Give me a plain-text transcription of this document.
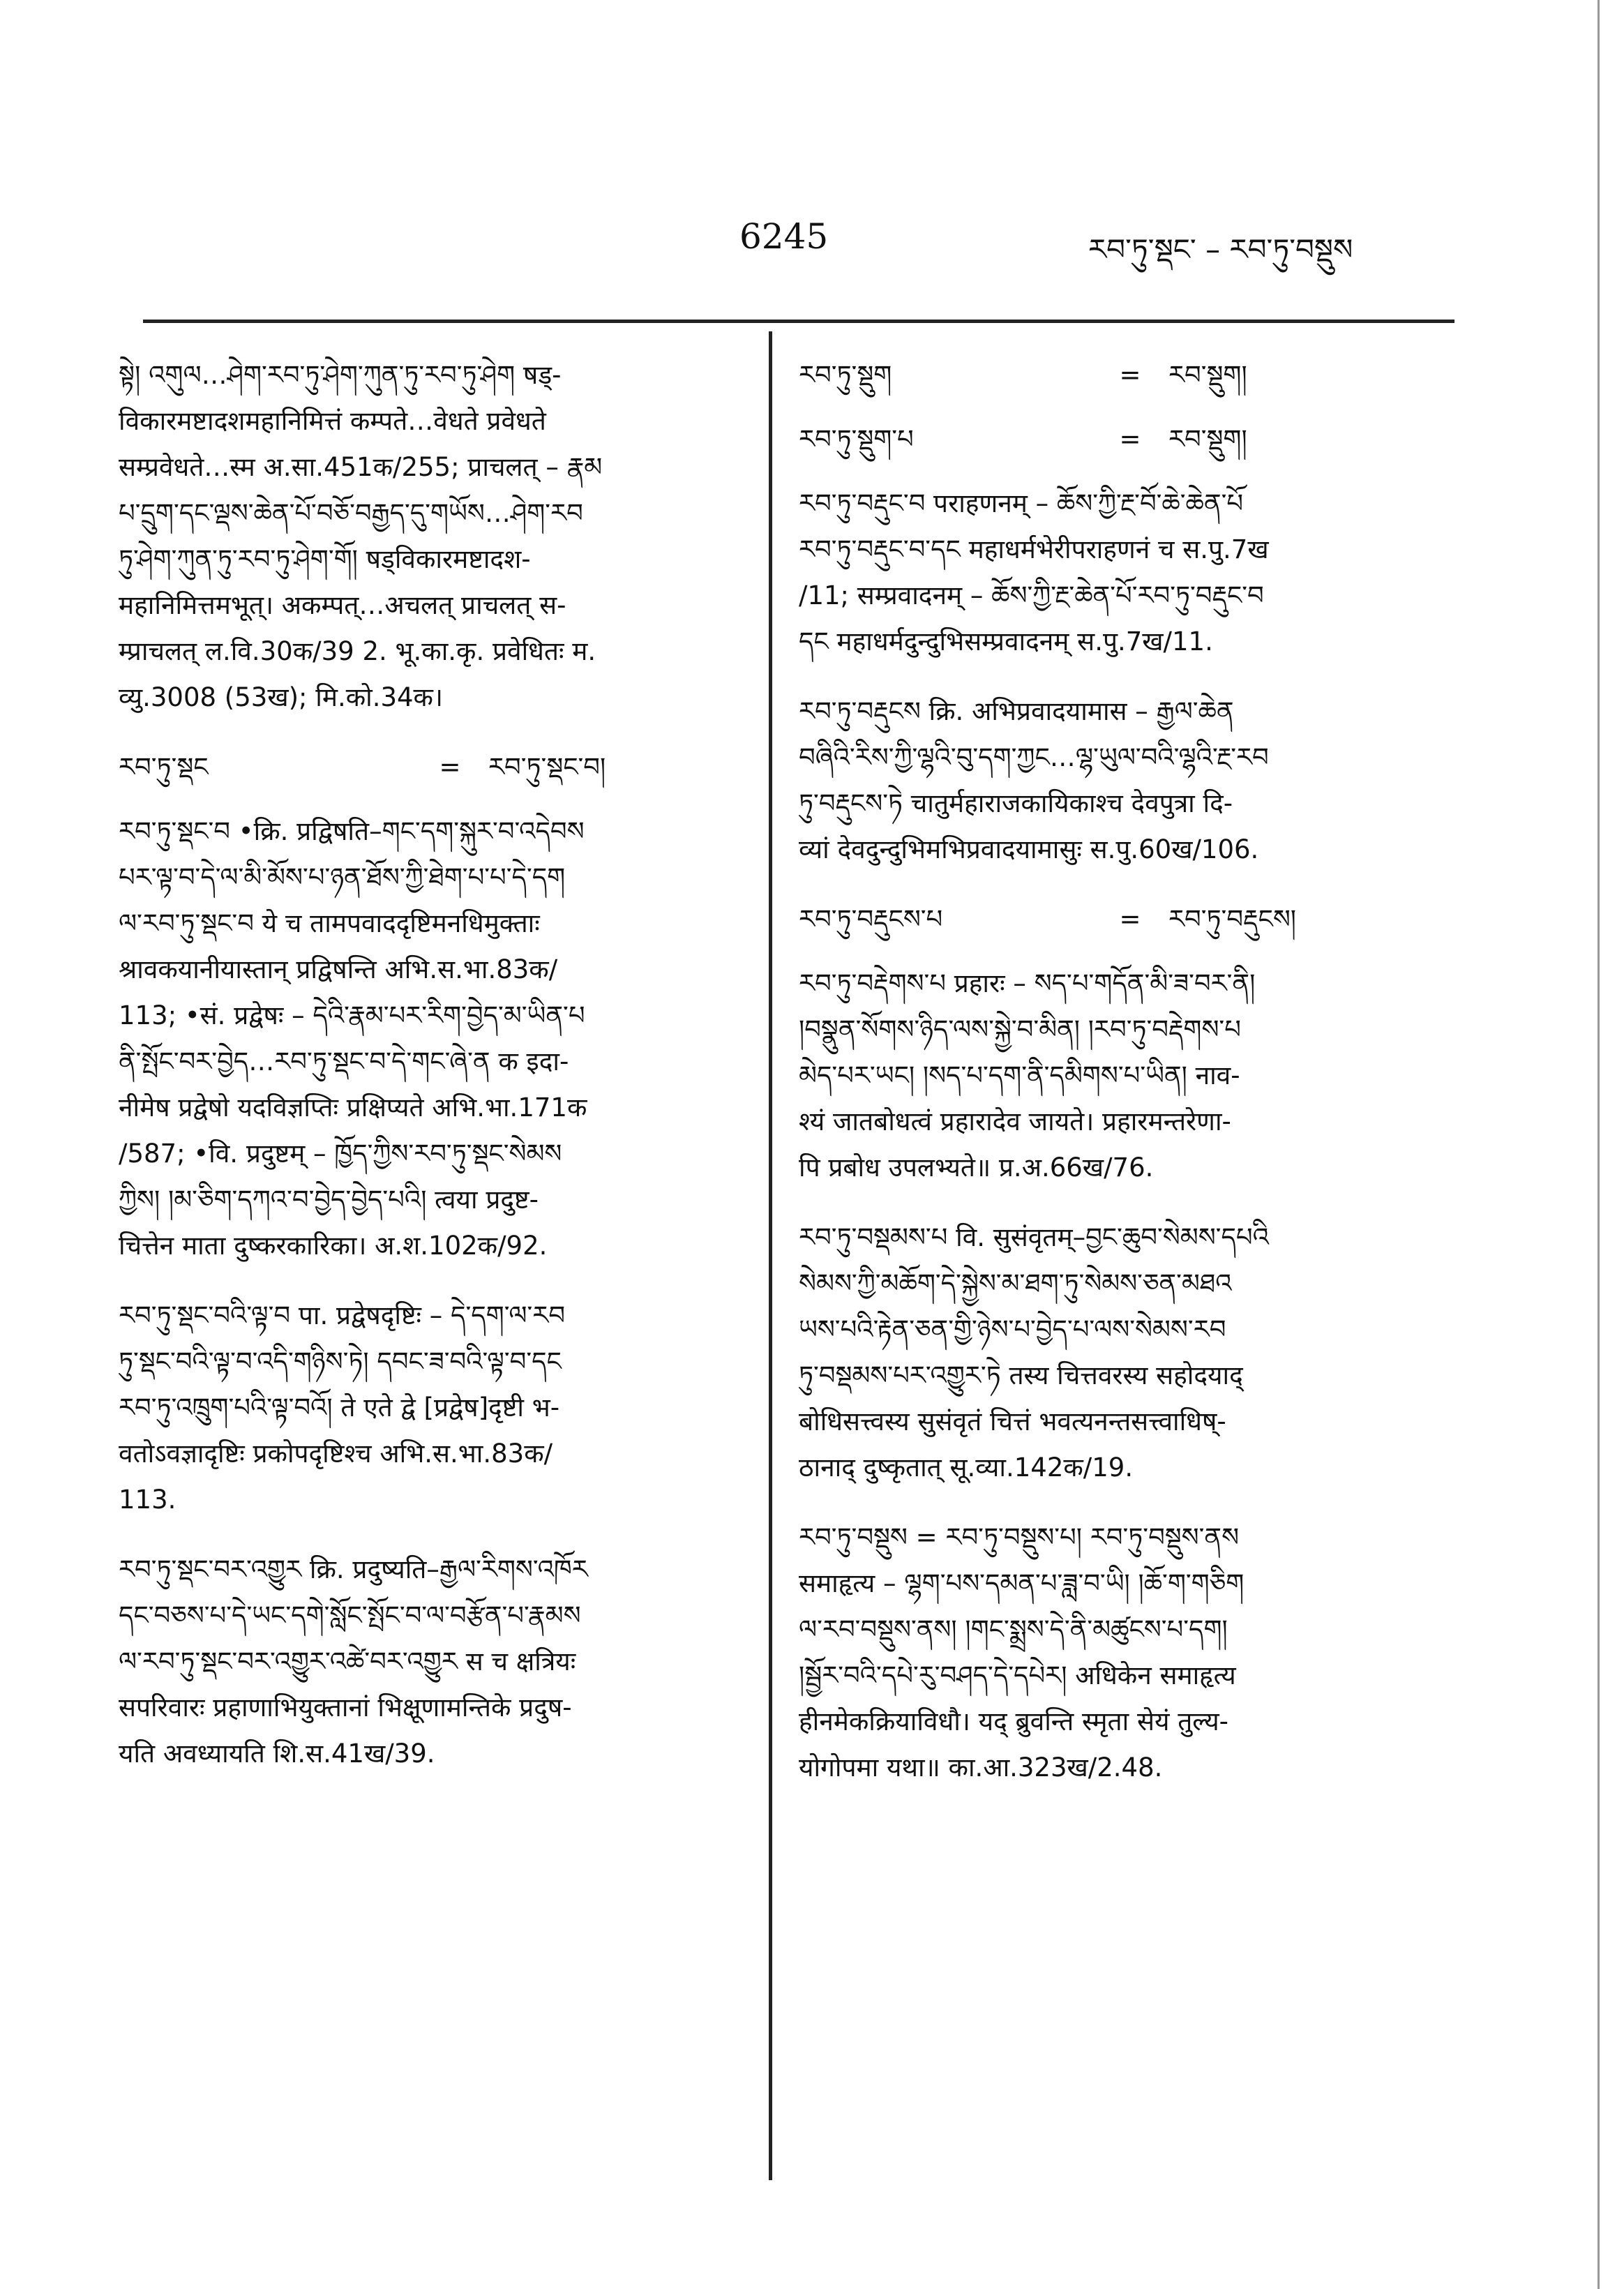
6245	རབ་ཏུ་སྡང་ – རབ་ཏུ་བསྡུས
སྟེ། འགུལ…ཤེག་རབ་ཏུ་ཤེག་ཀུན་ཏུ་རབ་ཏུ་ཤེག षड्-
विकारमष्टादशमहानिमित्तं कम्पते…वेधते प्रवेधते
सम्प्रवेधते…स्म अ.सा.451क/255; प्राचलत् – རྣམ
པ་དྲུག་དང་ལྡས་ཆེན་པོ་བཅོ་བརྒྱད་དུ་གཡོས…ཤེག་རབ
ཏུ་ཤེག་ཀུན་ཏུ་རབ་ཏུ་ཤེག་གོ། षड्विकारमष्टादश-
महानिमित्तमभूत्। अकम्पत्…अचलत् प्राचलत् स-
म्प्राचलत् ल.वि.30क/39 2. भू.का.कृ. प्रवेधितः म.
व्यु.3008 (53ख); मि.को.34क।
རབ་ཏུ་སྡང	=	རབ་ཏུ་སྡང་བ།
རབ་ཏུ་སྡང་བ •क्रि. प्रद्विषति–གང་དག་སྐུར་བ་འདེབས
པར་ལྟ་བ་དེ་ལ་མི་མོས་པ་ཉན་ཐོས་ཀྱི་ཐེག་པ་པ་དེ་དག
ལ་རབ་ཏུ་སྡང་བ ये च तामपवाददृष्टिमनधिमुक्ताः
श्रावकयानीयास्तान् प्रद्विषन्ति अभि.स.भा.83क/
113; •सं. प्रद्वेषः – དེའི་རྣམ་པར་རིག་བྱེད་མ་ཡིན་པ
ནི་སྤོང་བར་བྱེད…རབ་ཏུ་སྡང་བ་དེ་གང་ཞེ་ན क इदा-
नीमेष प्रद्वेषो यदविज्ञप्तिः प्रक्षिप्यते अभि.भा.171क
/587; •वि. प्रदुष्टम् – ཁྱོད་ཀྱིས་རབ་ཏུ་སྡང་སེམས
ཀྱིས། །མ་ཅིག་དཀའ་བ་བྱེད་བྱེད་པའི། त्वया प्रदुष्ट-
चित्तेन माता दुष्करकारिका। अ.श.102क/92.
རབ་ཏུ་སྡང་བའི་ལྟ་བ पा. प्रद्वेषदृष्टिः – དེ་དག་ལ་རབ
ཏུ་སྡང་བའི་ལྟ་བ་འདི་གཉིས་ཏེ། དབང་ཟ་བའི་ལྟ་བ་དང
རབ་ཏུ་འཁྲུག་པའི་ལྟ་བའོ། ते एते द्वे [प्रद्वेष]दृष्टी भ-
वतोऽवज्ञादृष्टिः प्रकोपदृष्टिश्च अभि.स.भा.83क/
113.
རབ་ཏུ་སྡང་བར་འགྱུར क्रि. प्रदुष्यति–རྒྱལ་རིགས་འཁོར
དང་བཅས་པ་དེ་ཡང་དགེ་སློང་སྤོང་བ་ལ་བརྩོན་པ་རྣམས
ལ་རབ་ཏུ་སྡང་བར་འགྱུར་འཚེ་བར་འགྱུར स च क्षत्रियः
सपरिवारः प्रहाणाभियुक्तानां भिक्षूणामन्तिके प्रदुष-
यति अवध्यायति शि.स.41ख/39.
རབ་ཏུ་སྡུག	=	རབ་སྡུག།
རབ་ཏུ་སྡུག་པ	=	རབ་སྡུག།
རབ་ཏུ་བརྡུང་བ पराहणनम् – ཆོས་ཀྱི་རྔ་བོ་ཆེ་ཆེན་པོ
རབ་ཏུ་བརྡུང་བ་དང महाधर्मभेरीपराहणनं च स.पु.7ख
/11; सम्प्रवादनम् – ཆོས་ཀྱི་རྔ་ཆེན་པོ་རབ་ཏུ་བརྡུང་བ
དང महाधर्मदुन्दुभिसम्प्रवादनम् स.पु.7ख/11.
རབ་ཏུ་བརྡུངས क्रि. अभिप्रवादयामास – རྒྱལ་ཆེན
བཞིའི་རིས་ཀྱི་ལྷའི་བུ་དག་ཀྱང…ལྷ་ཡུལ་བའི་ལྷའི་རྔ་རབ
ཏུ་བརྡུངས་ཏེ चातुर्महाराजकायिकाश्च देवपुत्रा दि-
व्यां देवदुन्दुभिमभिप्रवादयामासुः स.पु.60ख/106.
རབ་ཏུ་བརྡུངས་པ	=	རབ་ཏུ་བརྡུངས།
རབ་ཏུ་བརྡེགས་པ प्रहारः – སད་པ་གདོན་མི་ཟ་བར་ནི།
།བསྣུན་སོགས་ཉིད་ལས་སྐྱེ་བ་མིན། །རབ་ཏུ་བརྡེགས་པ
མེད་པར་ཡང། །སད་པ་དག་ནི་དམིགས་པ་ཡིན། नाव-
श्यं जातबोधत्वं प्रहारादेव जायते। प्रहारमन्तरेणा-
पि प्रबोध उपलभ्यते॥ प्र.अ.66ख/76.
རབ་ཏུ་བསྡམས་པ वि. सुसंवृतम्–བྱང་ཆུབ་སེམས་དཔའི
སེམས་ཀྱི་མཆོག་དེ་སྐྱེས་མ་ཐག་ཏུ་སེམས་ཅན་མཐའ
ཡས་པའི་རྟེན་ཅན་གྱི་ཉེས་པ་བྱེད་པ་ལས་སེམས་རབ
ཏུ་བསྡམས་པར་འགྱུར་ཏེ तस्य चित्तवरस्य सहोदयाद्
बोधिसत्त्वस्य सुसंवृतं चित्तं भवत्यनन्तसत्त्वाधिष्-
ठानाद् दुष्कृतात् सू.व्या.142क/19.
རབ་ཏུ་བསྡུས = རབ་ཏུ་བསྡུས་པ། རབ་ཏུ་བསྡུས་ནས
समाहृत्य – ལྷག་པས་དམན་པ་ཟླ་བ་ཡི། །ཆོ་ག་གཅིག
ལ་རབ་བསྡུས་ནས། །གང་སྨྲས་དེ་ནི་མཚུངས་པ་དག།
།སྦྱོར་བའི་དཔེ་རུ་བཤད་དེ་དཔེར། अधिकेन समाहृत्य
हीनमेकक्रियाविधौ। यद् ब्रुवन्ति स्मृता सेयं तुल्य-
योगोपमा यथा॥ का.आ.323ख/2.48.
